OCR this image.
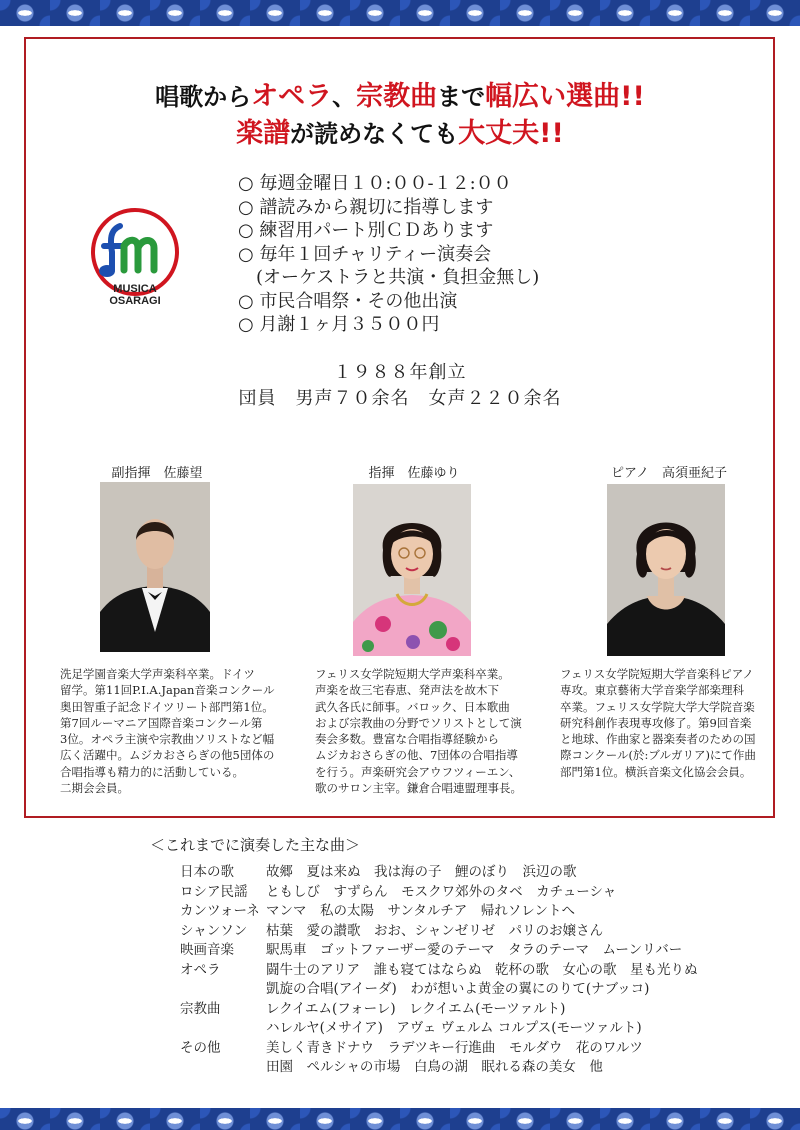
唱歌からオペラ、宗教曲まで幅広い選曲!!
楽譜が読めなくても大丈夫!!
MUSICA
OSARAGI
○ 毎週金曜日１０:００-１２:００
○ 譜読みから親切に指導します
○ 練習用パート別ＣＤあります
○ 毎年１回チャリティー演奏会
　(オーケストラと共演・負担金無し)
○ 市民合唱祭・その他出演
○ 月謝１ヶ月３５００円
１９８８年創立
団員　男声７０余名　女声２２０余名
副指揮　佐藤望
洗足学園音楽大学声楽科卒業。ドイツ
留学。第11回P.I.A.Japan音楽コンクール
奥田智重子記念ドイツリート部門第1位。
第7回ルーマニア国際音楽コンクール第
3位。オペラ主演や宗教曲ソリストなど幅
広く活躍中。ムジカおさらぎの他5団体の
合唱指導も精力的に活動している。
二期会会員。
指揮　佐藤ゆり
フェリス女学院短期大学声楽科卒業。
声楽を故三宅春恵、発声法を故木下
武久各氏に師事。バロック、日本歌曲
および宗教曲の分野でソリストとして演
奏会多数。豊富な合唱指導経験から
ムジカおさらぎの他、7団体の合唱指導
を行う。声楽研究会アウフツィーエン、
歌のサロン主宰。鎌倉合唱連盟理事長。
ピアノ　高須亜紀子
フェリス女学院短期大学音楽科ピアノ
専攻。東京藝術大学音楽学部楽理科
卒業。フェリス女学院大学大学院音楽
研究科創作表現専攻修了。第9回音楽
と地球、作曲家と器楽奏者のための国
際コンクール(於:ブルガリア)にて作曲
部門第1位。横浜音楽文化協会会員。
＜これまでに演奏した主な曲＞
日本の歌	故郷　夏は来ぬ　我は海の子　鯉のぼり　浜辺の歌
ロシア民謡	ともしび　すずらん　モスクワ郊外のタベ　カチューシャ
カンツォーネ マンマ　私の太陽　サンタルチア　帰れソレントへ
シャンソン	枯葉　愛の讃歌　おお、シャンゼリゼ　パリのお嬢さん
映画音楽	駅馬車　ゴットファーザー愛のテーマ　タラのテーマ　ムーンリバー
オペラ	闘牛士のアリア　誰も寝てはならぬ　乾杯の歌　女心の歌　星も光りぬ
凱旋の合唱(アイーダ)　わが想いよ黄金の翼にのりて(ナブッコ)
宗教曲	レクイエム(フォーレ)　レクイエム(モーツァルト)
ハレルヤ(メサイア)　アヴェ ヴェルム コルプス(モーツァルト)
その他	美しく青きドナウ　ラデツキー行進曲　モルダウ　花のワルツ
田園　ペルシャの市場　白鳥の湖　眠れる森の美女　他
